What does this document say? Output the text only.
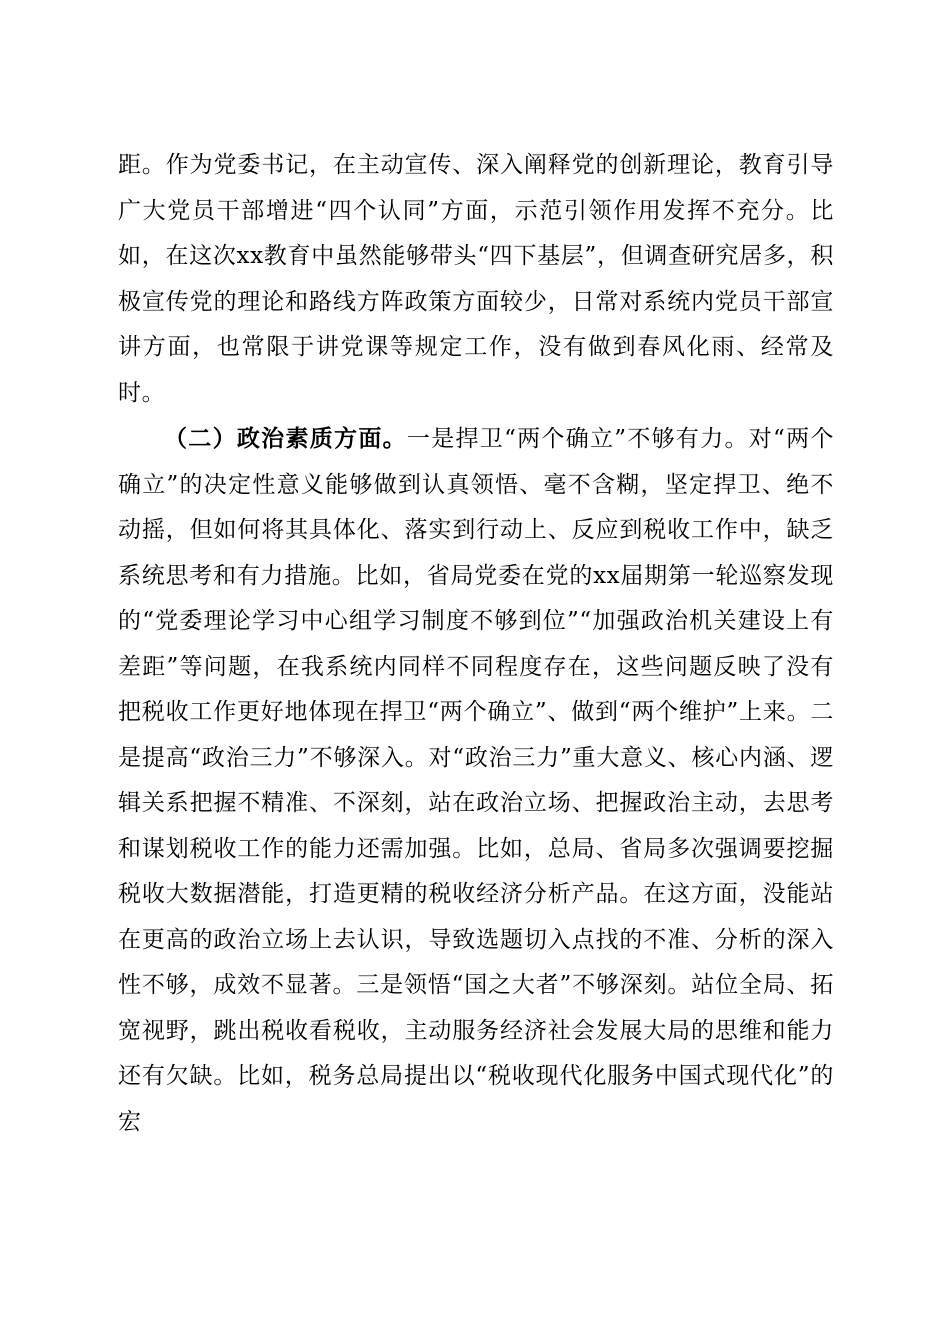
距。作为党委书记，在主动宣传、深入阐释党的创新理论，教育引导广大党员干部增进“四个认同”方面，示范引领作用发挥不充分。比如，在这次xx教育中虽然能够带头“四下基层”，但调查研究居多，积极宣传党的理论和路线方阵政策方面较少，日常对系统内党员干部宣讲方面，也常限于讲党课等规定工作，没有做到春风化雨、经常及时。

（二）政治素质方面。一是捍卫“两个确立”不够有力。对“两个确立”的决定性意义能够做到认真领悟、毫不含糊，坚定捍卫、绝不动摇，但如何将其具体化、落实到行动上、反应到税收工作中，缺乏系统思考和有力措施。比如，省局党委在党的xx届期第一轮巡察发现的“党委理论学习中心组学习制度不够到位”“加强政治机关建设上有差距”等问题，在我系统内同样不同程度存在，这些问题反映了没有把税收工作更好地体现在捍卫“两个确立”、做到“两个维护”上来。二是提高“政治三力”不够深入。对“政治三力”重大意义、核心内涵、逻辑关系把握不精准、不深刻，站在政治立场、把握政治主动，去思考和谋划税收工作的能力还需加强。比如，总局、省局多次强调要挖掘税收大数据潜能，打造更精的税收经济分析产品。在这方面，没能站在更高的政治立场上去认识，导致选题切入点找的不准、分析的深入性不够，成效不显著。三是领悟“国之大者”不够深刻。站位全局、拓宽视野，跳出税收看税收，主动服务经济社会发展大局的思维和能力还有欠缺。比如，税务总局提出以“税收现代化服务中国式现代化”的宏
